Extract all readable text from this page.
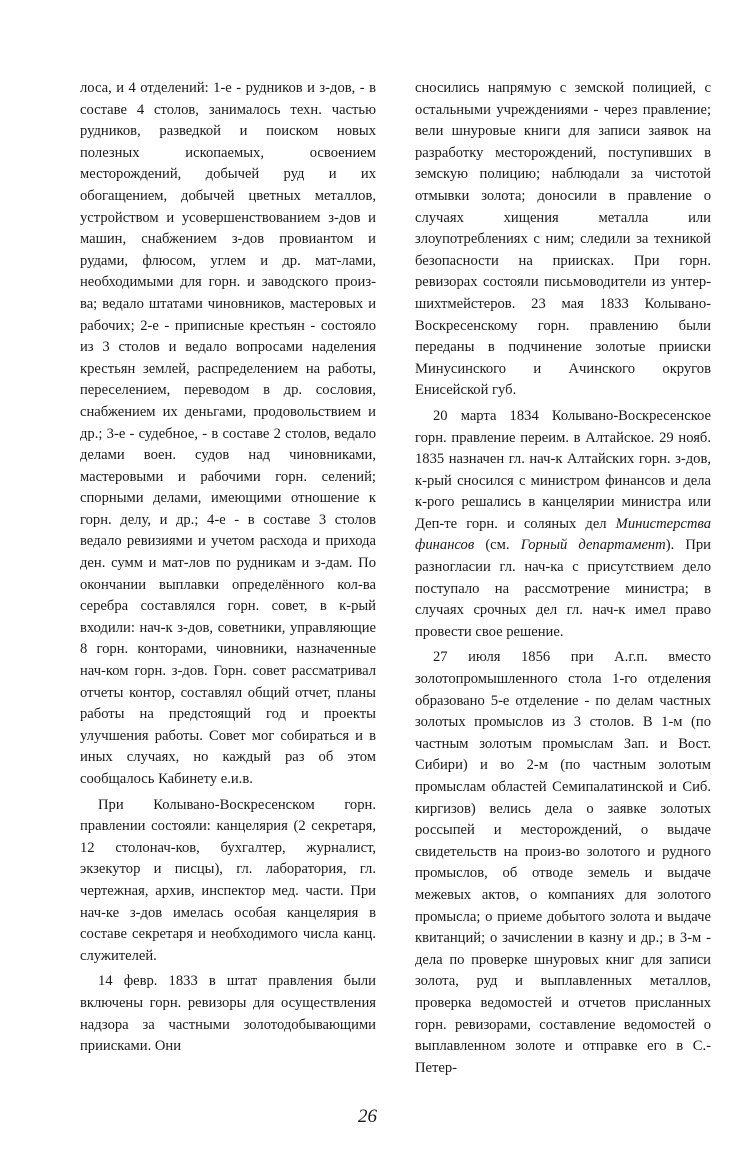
лоса, и 4 отделений: 1-е - рудников и з-дов, - в составе 4 столов, занималось техн. частью рудников, разведкой и поиском новых полезных ископаемых, освоением месторождений, добычей руд и их обогащением, добычей цветных металлов, устройством и усовершенствованием з-дов и машин, снабжением з-дов провиантом и рудами, флюсом, углем и др. мат-лами, необходимыми для горн. и заводского произ-ва; ведало штатами чиновников, мастеровых и рабочих; 2-е - приписные крестьян - состояло из 3 столов и ведало вопросами наделения крестьян землей, распределением на работы, переселением, переводом в др. сословия, снабжением их деньгами, продовольствием и др.; 3-е - судебное, - в составе 2 столов, ведало делами воен. судов над чиновниками, мастеровыми и рабочими горн. селений; спорными делами, имеющими отношение к горн. делу, и др.; 4-е - в составе 3 столов ведало ревизиями и учетом расхода и прихода ден. сумм и мат-лов по рудникам и з-дам. По окончании выплавки определённого кол-ва серебра составлялся горн. совет, в к-рый входили: нач-к з-дов, советники, управляющие 8 горн. конторами, чиновники, назначенные нач-ком горн. з-дов. Горн. совет рассматривал отчеты контор, составлял общий отчет, планы работы на предстоящий год и проекты улучшения работы. Совет мог собираться и в иных случаях, но каждый раз об этом сообщалось Кабинету е.и.в.

При Колывано-Воскресенском горн. правлении состояли: канцелярия (2 секретаря, 12 столонач-ков, бухгалтер, журналист, экзекутор и писцы), гл. лаборатория, гл. чертежная, архив, инспектор мед. части. При нач-ке з-дов имелась особая канцелярия в составе секретаря и необходимого числа канц. служителей.

14 февр. 1833 в штат правления были включены горн. ревизоры для осуществления надзора за частными золотодобывающими приисками. Они

сносились напрямую с земской полицией, с остальными учреждениями - через правление; вели шнуровые книги для записи заявок на разработку месторождений, поступивших в земскую полицию; наблюдали за чистотой отмывки золота; доносили в правление о случаях хищения металла или злоупотреблениях с ним; следили за техникой безопасности на приисках. При горн. ревизорах состояли письмоводители из унтер-шихтмейстеров. 23 мая 1833 Колывано-Воскресенскому горн. правлению были переданы в подчинение золотые прииски Минусинского и Ачинского округов Енисейской губ.

20 марта 1834 Колывано-Воскресенское горн. правление переим. в Алтайское. 29 нояб. 1835 назначен гл. нач-к Алтайских горн. з-дов, к-рый сносился с министром финансов и дела к-рого решались в канцелярии министра или Деп-те горн. и соляных дел Министерства финансов (см. Горный департамент). При разногласии гл. нач-ка с присутствием дело поступало на рассмотрение министра; в случаях срочных дел гл. нач-к имел право провести свое решение.

27 июля 1856 при А.г.п. вместо золотопромышленного стола 1-го отделения образовано 5-е отделение - по делам частных золотых промыслов из 3 столов. В 1-м (по частным золотым промыслам Зап. и Вост. Сибири) и во 2-м (по частным золотым промыслам областей Семипалатинской и Сиб. киргизов) велись дела о заявке золотых россыпей и месторождений, о выдаче свидетельств на произ-во золотого и рудного промыслов, об отводе земель и выдаче межевых актов, о компаниях для золотого промысла; о приеме добытого золота и выдаче квитанций; о зачислении в казну и др.; в 3-м - дела по проверке шнуровых книг для записи золота, руд и выплавленных металлов, проверка ведомостей и отчетов присланных горн. ревизорами, составление ведомостей о выплавленном золоте и отправке его в С.-Петер-

26
